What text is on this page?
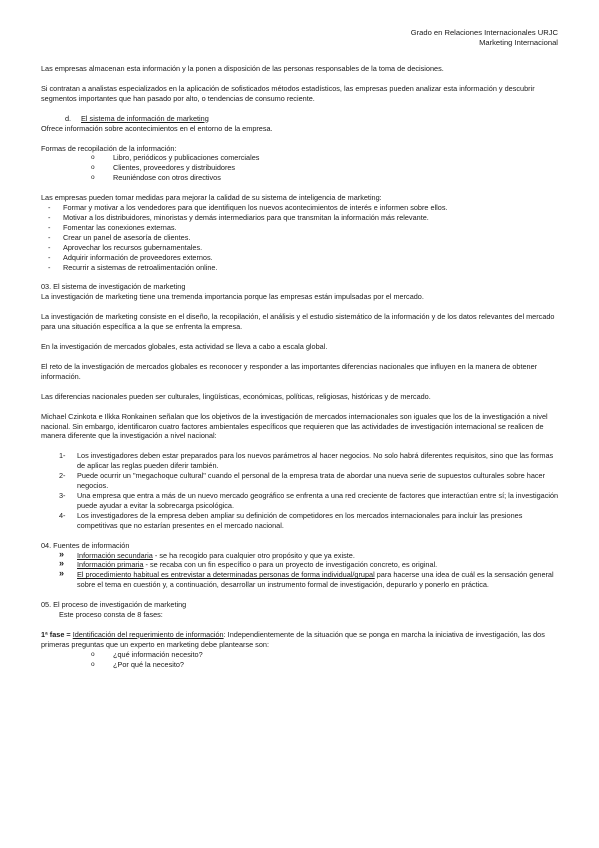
Grado en Relaciones Internacionales URJC
Marketing Internacional

Las empresas almacenan esta información y la ponen a disposición de las personas responsables de la toma de decisiones.

Si contratan a analistas especializados en la aplicación de sofisticados métodos estadísticos, las empresas pueden analizar esta información y descubrir segmentos importantes que han pasado por alto, o tendencias de consumo reciente.

d. El sistema de información de marketing

Ofrece información sobre acontecimientos en el entorno de la empresa.

Formas de recopilación de la información:

o Libro, periódicos y publicaciones comerciales
o Clientes, proveedores y distribuidores
o Reuniéndose con otros directivos

Las empresas pueden tomar medidas para mejorar la calidad de su sistema de inteligencia de marketing:

- Formar y motivar a los vendedores para que identifiquen los nuevos acontecimientos de interés e informen sobre ellos.
- Motivar a los distribuidores, minoristas y demás intermediarios para que transmitan la información más relevante.
- Fomentar las conexiones externas.
- Crear un panel de asesoría de clientes.
- Aprovechar los recursos gubernamentales.
- Adquirir información de proveedores externos.
- Recurrir a sistemas de retroalimentación online.

03. El sistema de investigación de marketing

La investigación de marketing tiene una tremenda importancia porque las empresas están impulsadas por el mercado.

La investigación de marketing consiste en el diseño, la recopilación, el análisis y el estudio sistemático de la información y de los datos relevantes del mercado para una situación específica a la que se enfrenta la empresa.

En la investigación de mercados globales, esta actividad se lleva a cabo a escala global.

El reto de la investigación de mercados globales es reconocer y responder a las importantes diferencias nacionales que influyen en la manera de obtener información.

Las diferencias nacionales pueden ser culturales, lingüísticas, económicas, políticas, religiosas, históricas y de mercado.

Michael Czinkota e Ilkka Ronkainen señalan que los objetivos de la investigación de mercados internacionales son iguales que los de la investigación a nivel nacional. Sin embargo, identificaron cuatro factores ambientales específicos que requieren que las actividades de investigación internacional se realicen de manera diferente que la investigación a nivel nacional:

1- Los investigadores deben estar preparados para los nuevos parámetros al hacer negocios. No solo habrá diferentes requisitos, sino que las formas de aplicar las reglas pueden diferir también.
2- Puede ocurrir un "megachoque cultural" cuando el personal de la empresa trata de abordar una nueva serie de supuestos culturales sobre hacer negocios.
3- Una empresa que entra a más de un nuevo mercado geográfico se enfrenta a una red creciente de factores que interactúan entre sí; la investigación puede ayudar a evitar la sobrecarga psicológica.
4- Los investigadores de la empresa deben ampliar su definición de competidores en los mercados internacionales para incluir las presiones competitivas que no estarían presentes en el mercado nacional.

04. Fuentes de información

» Información secundaria - se ha recogido para cualquier otro propósito y que ya existe.
» Información primaria - se recaba con un fin específico o para un proyecto de investigación concreto, es original.
» El procedimiento habitual es entrevistar a determinadas personas de forma individual/grupal para hacerse una idea de cuál es la sensación general sobre el tema en cuestión y, a continuación, desarrollar un instrumento formal de investigación, depurarlo y ponerlo en práctica.

05. El proceso de investigación de marketing

Este proceso consta de 8 fases:

1ª fase = Identificación del requerimiento de información: Independientemente de la situación que se ponga en marcha la iniciativa de investigación, las dos primeras preguntas que un experto en marketing debe plantearse son:

o ¿qué información necesito?
o ¿Por qué la necesito?
